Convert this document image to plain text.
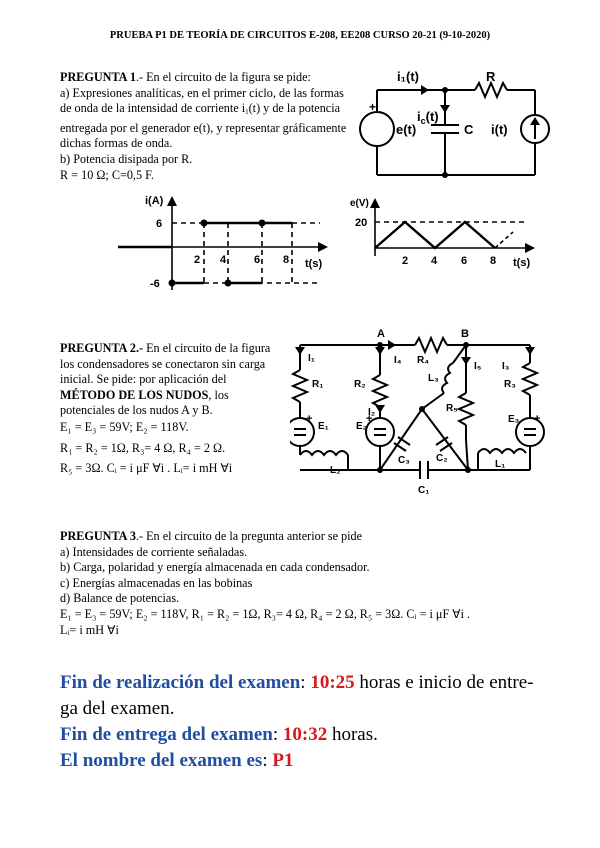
PRUEBA P1 DE TEORÍA DE CIRCUITOS E-208, EE208 CURSO 20-21 (9-10-2020)
PREGUNTA 1.- En el circuito de la figura se pide:
a) Expresiones analíticas, en el primer ciclo, de las formas de onda de la intensidad de corriente $i_1(t)$ y de la potencia entregada por el generador e(t), y representar gráficamente dichas formas de onda.
b) Potencia disipada por R.
R = 10 Ω; C=0,5 F.
i₁(t)	R
$i_c(t)$
+
e(t)	C i(t)
i(A)
6
-6
2 4	6 8 t(s)
e(V)
20
2 4 6 8 t(s)
PREGUNTA 2.- En el circuito de la figura los condensadores se conectaron sin carga inicial. Se pide: por aplicación del MÉTODO DE LOS NUDOS, los potenciales de los nudos A y B.

E₁ = E₃ = 59V; E₂ = 118V.
R₁ = R₂ = 1Ω, R₃= 4 Ω, R₄ = 2 Ω.
R₅ = 3Ω. Cᵢ = i μF ∀i . Lᵢ= i mH ∀i
A	B
I₁
R₁
+
E₁
L₂
R₂
I₂
E₂
+
I₄ R₄
L₃
I₅
R₅
C₃	C₂
C₁
I₃
R₃
E₃ +
L₁
PREGUNTA 3.- En el circuito de la pregunta anterior se pide
a) Intensidades de corriente señaladas.
b) Carga, polaridad y energía almacenada en cada condensador.
c) Energías almacenadas en las bobinas
d) Balance de potencias.
E₁ = E₃ = 59V; E₂ = 118V, R₁ = R₂ = 1Ω, R₃= 4 Ω, R₄ = 2 Ω, R₅ = 3Ω. Cᵢ = i μF ∀i .
Lᵢ= i mH ∀i
Fin de realización del examen: 10:25 horas e inicio de entre-
ga del examen.
Fin de entrega del examen: 10:32 horas.
El nombre del examen es: P1
